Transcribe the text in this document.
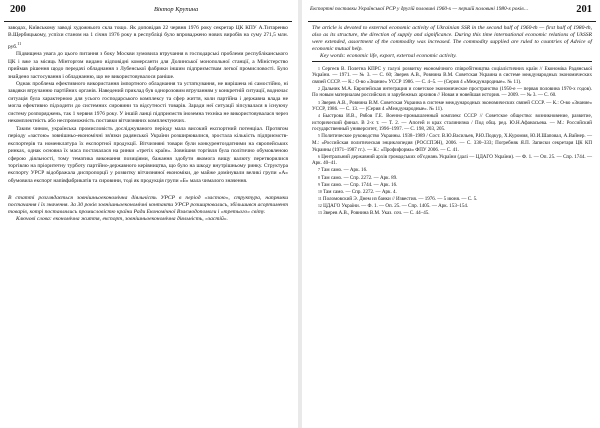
200	Віктор Крупина

заводах, Київському заводі художнього скла тощо. Як доповідав 22 червня 1976 року секретар ЦК КПУ А.Титаренко В.Щербицькому, успіхи станом на 1 січня 1976 року в республіці було впроваджено нових виробів на суму 271,5 млн. руб.$^{11}$

Підвищена увага до цього питання з боку Москви зумовила втручання в господарські проблеми республіканського ЦК і вже за місяць Мінторгом видано відповідні комерсанти для Долинської монопольної станції, а Міністерство приймав рішення щодо передачі обладнання з Лубенської фабрики іншим підприємствам легкої промисловості. Було знайдено застосування і обладнанню, що не використовувалося раніше.

Однак проблема ефективного використання імпортного обладнання та устаткування, не вирішена ні самостійно, ні завдяки втручанню партійних органів. Наведений приклад був однорозовим втручанням у конкретній ситуації, водночас ситуація була характерною для усього господарського комплексу та сфер життя, коли партійна і державна влада не могла ефективно підходити до системних сировини та відсутності товарів. Заради неї ситуації зіпсувалася в існуючу систему розпоряджень, так 1 червня 1976 року. У іншій ланці підприємств іноземна техніка не використовувалася через некомплектність або неспроможність поставки вітчизняних комплектуючих.

Таким чином, українська промисловість досліджуваного періоду мала високий експортний потенціал. Протягом періоду «застою» зовнішньо-економічні зв'язки радянської України розширювалися, зростала кількість підприємств-експортерів та номенклатура їх експортної продукції. Вітчизняні товари були конкурентоздатними на європейських ринках, однак основна їх маса постачалася на ринки «третіх країн». Зовнішня торгівля була політично обумовленою сферою діяльності, тому тематика виконання позиціями, бажання здобути якомога вищу валюту перетворилися торгівлю на пріоритетну турботу партійно-державного керівництва, що було на шкоду внутрішньому ринку. Структура експорту УРСР відображала диспропорції у розвитку вітчизняної економіки, де майже домінували великі групи «А» обумовила експорт напівфабрикатів та сировини, тоді як продукція групи «Б» мала чималого значення.

В статті розглядається зовнішньоекономічна діяльність УРСР в період «застою», структура, напрямки постачання і їх значення. За 30 років зовнішньоекономічні контакти УРСР розширювались, збільшився асортимент товарів, котрі поставлялись промисловістю країни Ради Економічної Взаємодопомоги і «третього» світу.

Ключові слова: економічна життя, експорт, зовнішньоекономічна діяльність, «застій».

Експортні поставки Української РСР у другій половині 1960-х — першій половині 1980-х років…	201

The article is devoted to external economic activity of Ukrainian SSR in the second half of 1960-th — first half of 1980-th, also as its structure, the direction of supply and significance. During this time international economic relations of UkSSR were extended, assortment of the commodity was increased. The commodity supplied are ruled to countries of Advice of economic mutual help.

Key words: economic life, export, external economic activity.

$^1$ Сергеєв В. Полетна КПРС у галузі розвитку економічного співробітництва соціалістичних країн // Економіка Радянської України. — 1971. — № 3. — С. 60; Зверев А.В., Ровнина В.М. Советская Украина в системе международных экономических связей СССР. — К.: О-во «Знание» УССР 1986. — С. 4–5. — (Серия 4 «Международные». № 11).

$^2$ Дальник М.А. Европейская интеграция и советское экономическое пространство (1950-е — первая половина 1970-х годов). По новым материалам российских и зарубежных архивов // Новая и новейшая история. — 2009. — № 3. — С. 60.

$^3$ Зверев А.В., Ровнина В.М. Советская Украина в системе международных экономических связей СССР. — К.: О-во «Знание» УССР, 1986. — С. 13. — (Серия 4 «Международные». № 11).

$^4$ Быстрова И.В., Рябов Г.Е. Военно-промышленный комплекс СССР // Советское общество: возникновение, развитие, исторический финал. В 2-х т. — Т. 2. — Апогей и крах сталинизма / Под общ. ред. Ю.Н.Афанасьева. — М.: Российский государственный университет, 1996–1997. — С. 198, 203, 205.

$^5$ Политическое руководство Украины. 1938–1989 / Сост. В.Ю.Васильев, Р.Ю.Подкур, Х.Куромия, Ю.И.Шаповал, А.Вайнер. — М.: «Российская политическая энциклопедия (РОССПЭН), 2006. — С. 330–333; Погребняк Я.П. Записки секретаря ЦК КП Украины (1971–1987 гг.). — К.: «Профиформа» ФПУ 2006. — С. 41.

$^6$ Центральний державний архів громадських об'єднань України (далі — ЦДАГО України). — Ф. 1. — Оп. 25. — Спр. 1744. — Арк. 40–41.

$^7$ Там само. — Арк. 16.

$^8$ Там само. — Спр. 2272. — Арк. 89.

$^9$ Там само. — Спр. 1744. — Арк. 16.

$^{10}$ Там само. — Спр. 2272. — Арк. 4.

$^{11}$ Поломовский Э. Днем из банки // Известия. — 1976. — 5 июня. — С. 5.

$^{12}$ ЦДАГО України. — Ф. 1. — Оп. 25. — Спр. 1405. — Арк. 153–154.

$^{13}$ Зверев А.В., Ровнина В.М. Указ. соч. — С. 44–45.
